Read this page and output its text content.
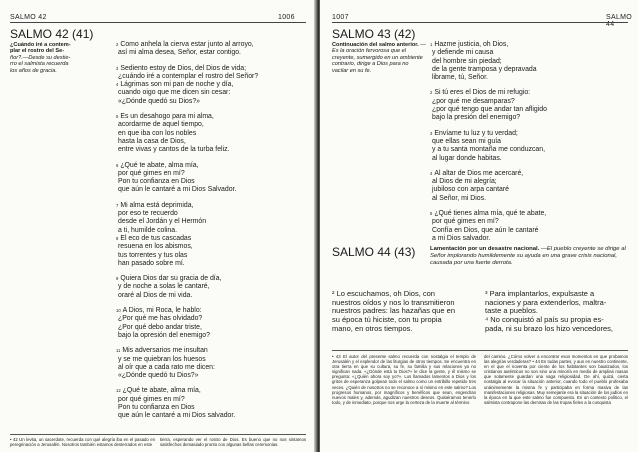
SALMO 42	1006
SALMO 42 (41)
¿Cuándo iré a contem-
plar el rostro del Se-
ñor?.—Desde su destie-
rro el salmista recuerda
los años de gracia.
$^2$ Como anhela la cierva estar junto al arroyo,
así mi alma desea, Señor, estar contigo.
$^3$ Sediento estoy de Dios, del Dios de vida;
¿cuándo iré a contemplar el rostro del Señor?
$^4$ Lágrimas son mi pan de noche y día,
cuando oigo que me dicen sin cesar:
«¿Dónde quedó su Dios?»
$^5$ Es un desahogo para mi alma,
acordarme de aquel tiempo,
en que iba con los nobles
hasta la casa de Dios,
entre vivas y cantos de la turba feliz.
$^6$ ¿Qué te abate, alma mía,
por qué gimes en mí?
Pon tu confianza en Dios
que aún le cantaré a mi Dios Salvador.
$^7$ Mi alma está deprimida,
por eso te recuerdo
desde el Jordán y el Hermón
a ti, humilde colina.
$^8$ El eco de tus cascadas
resuena en los abismos,
tus torrentes y tus olas
han pasado sobre mí.
$^9$ Quiera Dios dar su gracia de día,
y de noche a solas le cantaré,
oraré al Dios de mi vida.
$^{10}$ A Dios, mi Roca, le hablo:
¿Por qué me has olvidado?
¿Por qué debo andar triste,
bajo la opresión del enemigo?
$^{11}$ Mis adversarios me insultan
y se me quiebran los huesos
al oír que a cada rato me dicen:
«¿Dónde quedó tu Dios?»
$^{12}$ ¿Qué te abate, alma mía,
por qué gimes en mí?
Pon tu confianza en Dios
que aún le cantaré a mi Dios salvador.
• 42 Un levita, un sacerdote, recuerda con qué alegría iba en el pasado en peregrinación a Jerusalén. Nosotros también estamos desterrados en este
tierra, esperando ver el rostro de Dios. Es bueno que no nos sintamos satisfechos demasiado pronto con algunas bellas ceremonias.
1007	SALMO 44
SALMO 43 (42)
Continuación del salmo anterior. —Es la oración fervorosa que el creyente, sumergido en un ambiente contrario, dirige a Dios para no vacilar en su fe.
$^1$ Hazme justicia, oh Dios,
y defiende mi causa
del hombre sin piedad;
de la gente tramposa y depravada
librame, tú, Señor.
$^2$ Si tú eres el Dios de mi refugio:
¿por qué me desamparas?
¿por qué tengo que andar tan afligido
bajo la presión del enemigo?
$^3$ Envíame tu luz y tu verdad;
que ellas sean mi guía
y a tu santa montaña me conduzcan,
al lugar donde habitas.
$^4$ Al altar de Dios me acercaré,
al Dios de mi alegría;
jubiloso con arpa cantaré
al Señor, mi Dios.
$^5$ ¿Qué tienes alma mía, qué te abate,
por qué gimes en mí?
Confía en Dios, que aún le cantaré
a mi Dios salvador.
SALMO 44 (43) Lamentación por un desastre nacional. —El pueblo creyente se dirige al Señor implorando humildemente su ayuda en una grave crisis nacional, causada por una fuerte derrota.
² Lo escuchamos, oh Dios, con
nuestros oídos y nos lo transmitieron
nuestros padres: las hazañas que en
su época tú hiciste, con tu propia
mano, en otros tiempos.
³ Para implantarlos, expulsaste a
naciones y para extenderlos, maltra-
taste a pueblos.
⁴ No conquistó al país su propia es-
pada, ni su brazo los hizo vencedores,
• 43 El autor del presente salmo recuerda con nostalgia el templo de Jerusalén y el esplendor de las liturgias de otros tiempos. Se encuentra en otra tierra en que su cultura, su fe, su familia y sus relaciones ya no significan nada. «¿Dónde está tu Dios?» le dice la gente, y él mismo se pregunta: «¿Quién ahora soy yo?». Los llamados lamentos a Dios y los gritos de esperanza golpean todo el salmo como un estribillo repetido tres veces. ¿Quién de nosotros no se reconoce a sí mismo en este salmo? Los progresos humanos, por magníficos y benéficos que sean, engendran nuevos males y, además, agudizan nuestros deseos. Quisiéramos tenerlo todo, y de inmediato, porque nos urge la certeza de la muerte al término
del camino. ¿Cómo volver a encontrar esos momentos en que probamos las alegrías verdaderas? • 44 En todas partes, y aun en nuestro continente, en el que el noventa por ciento de los habitantes son bautizados, los cristianos auténticos no son sino una minoría en medio de amplias masas que solamente guardan una vaga religiosidad. De ahí, quizá, cierta nostalgia al evocar la situación anterior, cuando todo el pueblo profesaba unánimemente la misma fe y participaba en forma masiva de las manifestaciones religiosas. Muy semejante era la situación de los judíos en la época en la que este salmo fue compuesto. En un contexto político, el salmista contrapone las derrotas de las tropas fieles a la conquista
